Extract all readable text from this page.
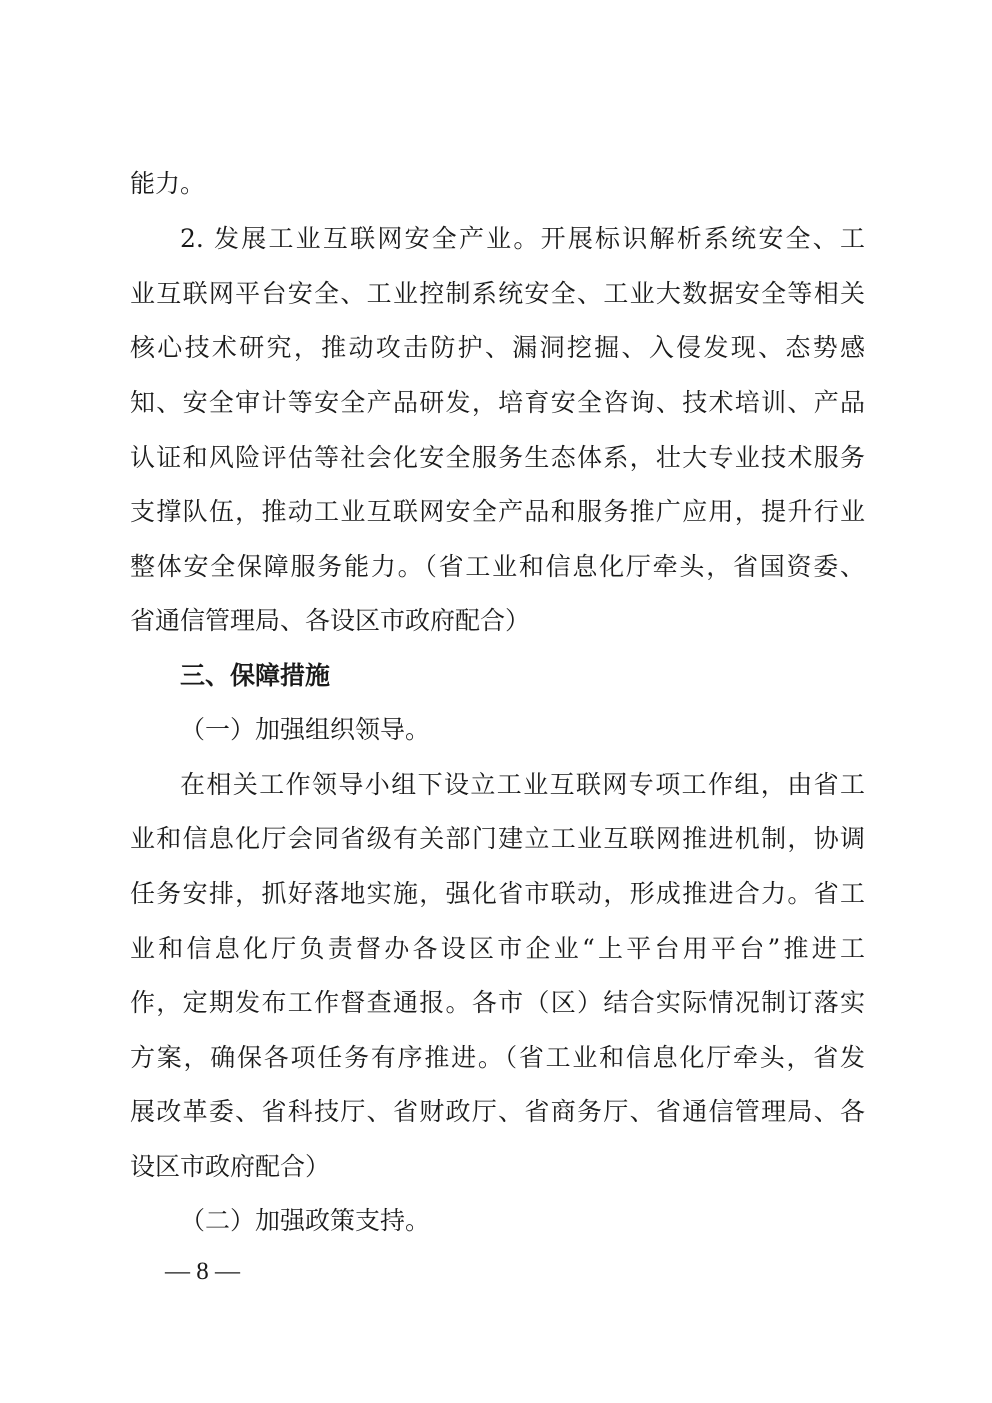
能力。
2. 发展工业互联网安全产业。开展标识解析系统安全、工
业互联网平台安全、工业控制系统安全、工业大数据安全等相关
核心技术研究，推动攻击防护、漏洞挖掘、入侵发现、态势感
知、安全审计等安全产品研发，培育安全咨询、技术培训、产品
认证和风险评估等社会化安全服务生态体系，壮大专业技术服务
支撑队伍，推动工业互联网安全产品和服务推广应用，提升行业
整体安全保障服务能力。（省工业和信息化厅牵头，省国资委、
省通信管理局、各设区市政府配合）
三、保障措施
（一）加强组织领导。
在相关工作领导小组下设立工业互联网专项工作组，由省工
业和信息化厅会同省级有关部门建立工业互联网推进机制，协调
任务安排，抓好落地实施，强化省市联动，形成推进合力。省工
业和信息化厅负责督办各设区市企业“上平台用平台”推进工
作，定期发布工作督查通报。各市（区）结合实际情况制订落实
方案，确保各项任务有序推进。（省工业和信息化厅牵头，省发
展改革委、省科技厅、省财政厅、省商务厅、省通信管理局、各
设区市政府配合）
（二）加强政策支持。
— 8 —
